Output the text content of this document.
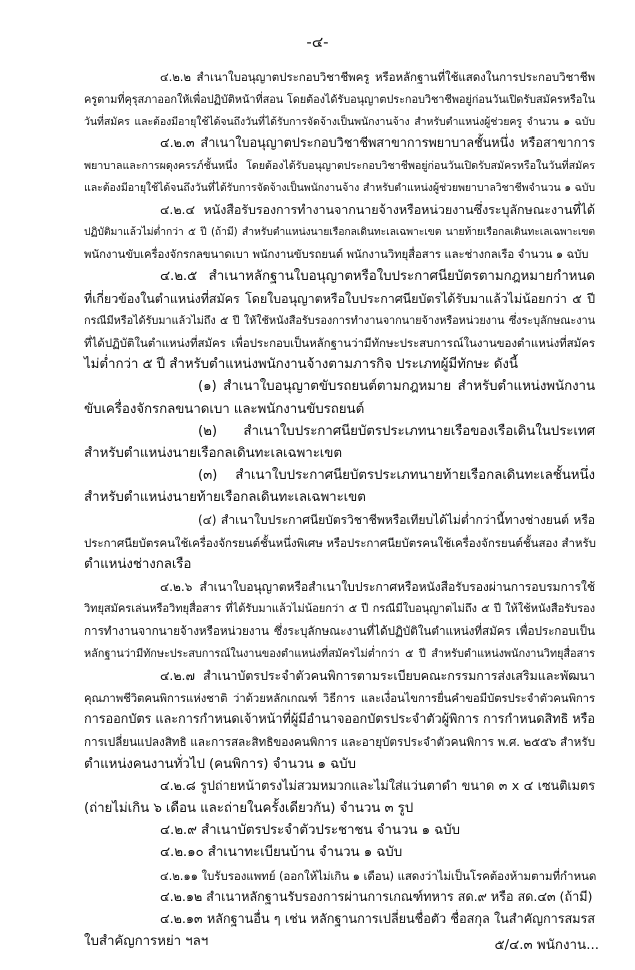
-๔-
๔.๒.๒ สำเนาใบอนุญาตประกอบวิชาชีพครู หรือหลักฐานที่ใช้แสดงในการประกอบวิชาชีพ
ครูตามที่คุรุสภาออกให้เพื่อปฏิบัติหน้าที่สอน โดยต้องได้รับอนุญาตประกอบวิชาชีพอยู่ก่อนวันเปิดรับสมัครหรือใน
วันที่สมัคร และต้องมีอายุใช้ได้จนถึงวันที่ได้รับการจัดจ้างเป็นพนักงานจ้าง สำหรับตำแหน่งผู้ช่วยครู จำนวน ๑ ฉบับ
๔.๒.๓ สำเนาใบอนุญาตประกอบวิชาชีพสาขาการพยาบาลชั้นหนึ่ง หรือสาขาการ
พยาบาลและการผดุงครรภ์ชั้นหนึ่ง โดยต้องได้รับอนุญาตประกอบวิชาชีพอยู่ก่อนวันเปิดรับสมัครหรือในวันที่สมัคร
และต้องมีอายุใช้ได้จนถึงวันที่ได้รับการจัดจ้างเป็นพนักงานจ้าง สำหรับตำแหน่งผู้ช่วยพยาบาลวิชาชีพจำนวน ๑ ฉบับ
๔.๒.๔ หนังสือรับรองการทำงานจากนายจ้างหรือหน่วยงานซึ่งระบุลักษณะงานที่ได้
ปฏิบัติมาแล้วไม่ต่ำกว่า ๕ ปี (ถ้ามี) สำหรับตำแหน่งนายเรือกลเดินทะเลเฉพาะเขต นายท้ายเรือกลเดินทะเลเฉพาะเขต
พนักงานขับเครื่องจักรกลขนาดเบา พนักงานขับรถยนต์ พนักงานวิทยุสื่อสาร และช่างกลเรือ จำนวน ๑ ฉบับ
๔.๒.๕ สำเนาหลักฐานใบอนุญาตหรือใบประกาศนียบัตรตามกฎหมายกำหนด
ที่เกี่ยวข้องในตำแหน่งที่สมัคร โดยใบอนุญาตหรือใบประกาศนียบัตรได้รับมาแล้วไม่น้อยกว่า ๕ ปี
กรณีมีหรือได้รับมาแล้วไม่ถึง ๕ ปี ให้ใช้หนังสือรับรองการทำงานจากนายจ้างหรือหน่วยงาน ซึ่งระบุลักษณะงาน
ที่ได้ปฏิบัติในตำแหน่งที่สมัคร เพื่อประกอบเป็นหลักฐานว่ามีทักษะประสบการณ์ในงานของตำแหน่งที่สมัคร
ไม่ต่ำกว่า ๕ ปี สำหรับตำแหน่งพนักงานจ้างตามภารกิจ ประเภทผู้มีทักษะ ดังนี้
(๑) สำเนาใบอนุญาตขับรถยนต์ตามกฎหมาย สำหรับตำแหน่งพนักงาน
ขับเครื่องจักรกลขนาดเบา และพนักงานขับรถยนต์
(๒) สำเนาใบประกาศนียบัตรประเภทนายเรือของเรือเดินในประเทศ
สำหรับตำแหน่งนายเรือกลเดินทะเลเฉพาะเขต
(๓) สำเนาใบประกาศนียบัตรประเภทนายท้ายเรือกลเดินทะเลชั้นหนึ่ง
สำหรับตำแหน่งนายท้ายเรือกลเดินทะเลเฉพาะเขต
(๔) สำเนาใบประกาศนียบัตรวิชาชีพหรือเทียบได้ไม่ต่ำกว่านี้ทางช่างยนต์ หรือ
ประกาศนียบัตรคนใช้เครื่องจักรยนต์ชั้นหนึ่งพิเศษ หรือประกาศนียบัตรคนใช้เครื่องจักรยนต์ชั้นสอง สำหรับ
ตำแหน่งช่างกลเรือ
๔.๒.๖ สำเนาใบอนุญาตหรือสำเนาใบประกาศหรือหนังสือรับรองผ่านการอบรมการใช้
วิทยุสมัครเล่นหรือวิทยุสื่อสาร ที่ได้รับมาแล้วไม่น้อยกว่า ๕ ปี กรณีมีใบอนุญาตไม่ถึง ๕ ปี ให้ใช้หนังสือรับรอง
การทำงานจากนายจ้างหรือหน่วยงาน ซึ่งระบุลักษณะงานที่ได้ปฏิบัติในตำแหน่งที่สมัคร เพื่อประกอบเป็น
หลักฐานว่ามีทักษะประสบการณ์ในงานของตำแหน่งที่สมัครไม่ต่ำกว่า ๕ ปี สำหรับตำแหน่งพนักงานวิทยุสื่อสาร
๔.๒.๗ สำเนาบัตรประจำตัวคนพิการตามระเบียบคณะกรรมการส่งเสริมและพัฒนา
คุณภาพชีวิตคนพิการแห่งชาติ ว่าด้วยหลักเกณฑ์ วิธีการ และเงื่อนไขการยื่นคำขอมีบัตรประจำตัวคนพิการ
การออกบัตร และการกำหนดเจ้าหน้าที่ผู้มีอำนาจออกบัตรประจำตัวผู้พิการ การกำหนดสิทธิ หรือ
การเปลี่ยนแปลงสิทธิ และการสละสิทธิของคนพิการ และอายุบัตรประจำตัวคนพิการ พ.ศ. ๒๕๕๖ สำหรับ
ตำแหน่งคนงานทั่วไป (คนพิการ) จำนวน ๑ ฉบับ
๔.๒.๘ รูปถ่ายหน้าตรงไม่สวมหมวกและไม่ใส่แว่นตาดำ ขนาด ๓ x ๔ เซนติเมตร
(ถ่ายไม่เกิน ๖ เดือน และถ่ายในครั้งเดียวกัน) จำนวน ๓ รูป
๔.๒.๙ สำเนาบัตรประจำตัวประชาชน จำนวน ๑ ฉบับ
๔.๒.๑๐ สำเนาทะเบียนบ้าน จำนวน ๑ ฉบับ
๔.๒.๑๑ ใบรับรองแพทย์ (ออกให้ไม่เกิน ๑ เดือน) แสดงว่าไม่เป็นโรคต้องห้ามตามที่กำหนด
๔.๒.๑๒ สำเนาหลักฐานรับรองการผ่านการเกณฑ์ทหาร สด.๙ หรือ สด.๔๓ (ถ้ามี)
๔.๒.๑๓ หลักฐานอื่น ๆ เช่น หลักฐานการเปลี่ยนชื่อตัว ชื่อสกุล ในสำคัญการสมรส
ใบสำคัญการหย่า ฯลฯ	๕/๔.๓ พนักงาน...
